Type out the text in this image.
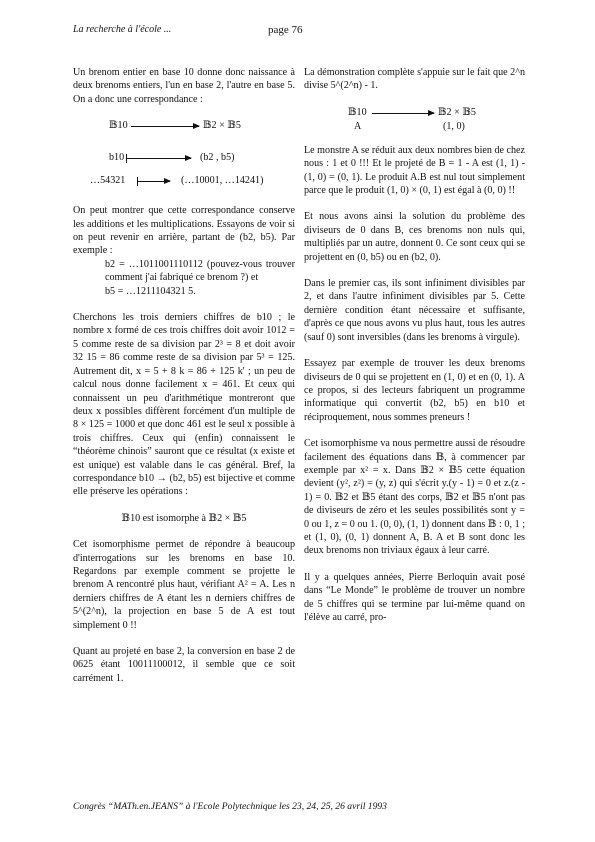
La recherche à l'école ...	page 76

Un brenom entier en base 10 donne donc naissance à deux brenoms entiers, l'un en base 2, l'autre en base 5. On a donc une correspondance :

𝔹10	𝔹2 × 𝔹5
b10	(b2 , b5)
…54321	(…10001, …14241)

On peut montrer que cette correspondance conserve les additions et les multiplications. Essayons de voir si on peut revenir en arrière, partant de (b2, b5). Par exemple :

b2 = …1011001110112 (pouvez-vous trouver comment j'ai fabriqué ce brenom ?) et

b5 = …1211104321 5.

Cherchons les trois derniers chiffres de b10 ; le nombre x formé de ces trois chiffres doit avoir 1012 = 5 comme reste de sa division par 2³ = 8 et doit avoir 32 15 = 86 comme reste de sa division par 5³ = 125. Autrement dit, x = 5 + 8 k = 86 + 125 k' ; un peu de calcul nous donne facilement x = 461. Et ceux qui connaissent un peu d'arithmétique montreront que deux x possibles diffèrent forcément d'un multiple de 8 × 125 = 1000 et que donc 461 est le seul x possible à trois chiffres. Ceux qui (enfin) connaissent le “théorème chinois” sauront que ce résultat (x existe et est unique) est valable dans le cas général. Bref, la correspondance b10 → (b2, b5) est bijective et comme elle préserve les opérations :

𝔹10 est isomorphe à 𝔹2 × 𝔹5

Cet isomorphisme permet de répondre à beaucoup d'interrogations sur les brenoms en base 10. Regardons par exemple comment se projette le brenom A rencontré plus haut, vérifiant A² = A. Les n derniers chiffres de A étant les n derniers chiffres de 5^(2^n), la projection en base 5 de A est tout simplement 0 !!

Quant au projeté en base 2, la conversion en base 2 de 0625 étant 10011100012, il semble que ce soit carrément 1.

La démonstration complète s'appuie sur le fait que 2^n divise 5^(2^n) - 1.

𝔹10	𝔹2 × 𝔹5
A	(1, 0)

Le monstre A se réduit aux deux nombres bien de chez nous : 1 et 0 !!! Et le projeté de B = 1 - A est (1, 1) - (1, 0) = (0, 1). Le produit A.B est nul tout simplement parce que le produit (1, 0) × (0, 1) est égal à (0, 0) !!

Et nous avons ainsi la solution du problème des diviseurs de 0 dans B, ces brenoms non nuls qui, multipliés par un autre, donnent 0. Ce sont ceux qui se projettent en (0, b5) ou en (b2, 0).

Dans le premier cas, ils sont infiniment divisibles par 2, et dans l'autre infiniment divisibles par 5. Cette dernière condition étant nécessaire et suffisante, d'après ce que nous avons vu plus haut, tous les autres (sauf 0) sont inversibles (dans les brenoms à virgule).

Essayez par exemple de trouver les deux brenoms diviseurs de 0 qui se projettent en (1, 0) et en (0, 1). A ce propos, si des lecteurs fabriquent un programme informatique qui convertit (b2, b5) en b10 et réciproquement, nous sommes preneurs !

Cet isomorphisme va nous permettre aussi de résoudre facilement des équations dans 𝔹, à commencer par exemple par x² = x. Dans 𝔹2 × 𝔹5 cette équation devient (y², z²) = (y, z) qui s'écrit y.(y - 1) = 0 et z.(z - 1) = 0. 𝔹2 et 𝔹5 étant des corps, 𝔹2 et 𝔹5 n'ont pas de diviseurs de zéro et les seules possibilités sont y = 0 ou 1, z = 0 ou 1. (0, 0), (1, 1) donnent dans 𝔹 : 0, 1 ; et (1, 0), (0, 1) donnent A, B. A et B sont donc les deux brenoms non triviaux égaux à leur carré.

Il y a quelques années, Pierre Berloquin avait posé dans “Le Monde” le problème de trouver un nombre de 5 chiffres qui se termine par lui-même quand on l'élève au carré, pro-

Congrès “MATh.en.JEANS” à l'Ecole Polytechnique les 23, 24, 25, 26 avril 1993
